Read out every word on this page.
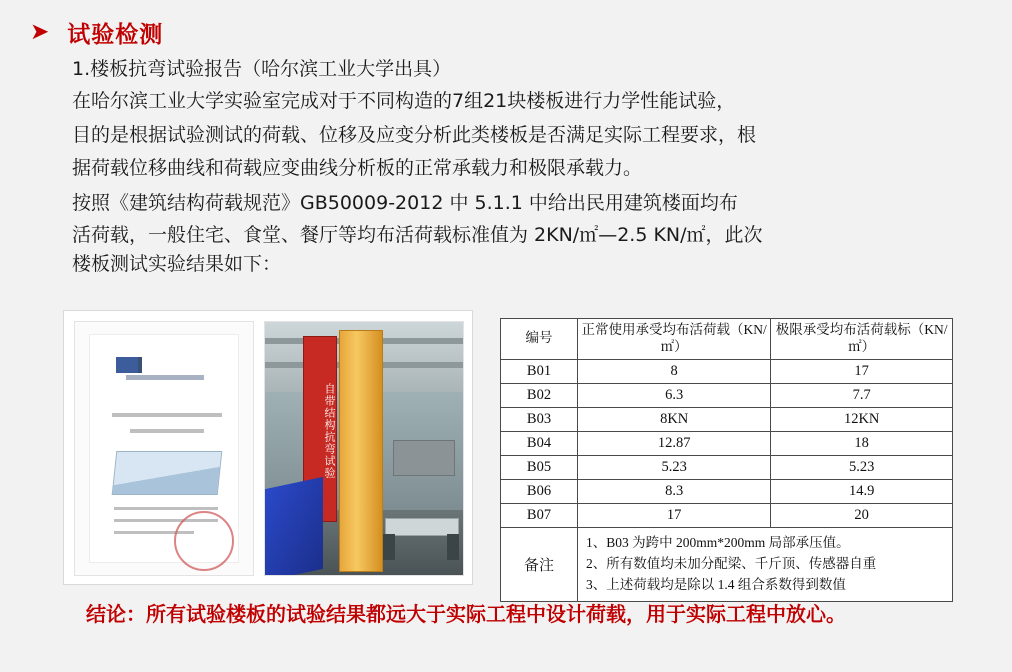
➤ 试验检测
1.楼板抗弯试验报告（哈尔滨工业大学出具）
在哈尔滨工业大学实验室完成对于不同构造的7组21块楼板进行力学性能试验，
目的是根据试验测试的荷载、位移及应变分析此类楼板是否满足实际工程要求，根
据荷载位移曲线和荷载应变曲线分析板的正常承载力和极限承载力。
按照《建筑结构荷载规范》GB50009-2012 中 5.1.1 中给出民用建筑楼面均布
活荷载，一般住宅、食堂、餐厅等均布活荷载标准值为 2KN/㎡—2.5 KN/㎡，此次
楼板测试实验结果如下：
自带结构抗弯试验
编号	正常使用承受均布活荷载（KN/㎡）	极限承受均布活荷载标（KN/㎡）
B01	8	17
B02	6.3	7.7
B03	8KN	12KN
B04	12.87	18
B05	5.23	5.23
B06	8.3	14.9
B07	17	20
备注	1、B03 为跨中 200mm*200mm 局部承压值。
2、所有数值均未加分配梁、千斤顶、传感器自重
3、上述荷载均是除以 1.4 组合系数得到数值	
结论：所有试验楼板的试验结果都远大于实际工程中设计荷载，用于实际工程中放心。
